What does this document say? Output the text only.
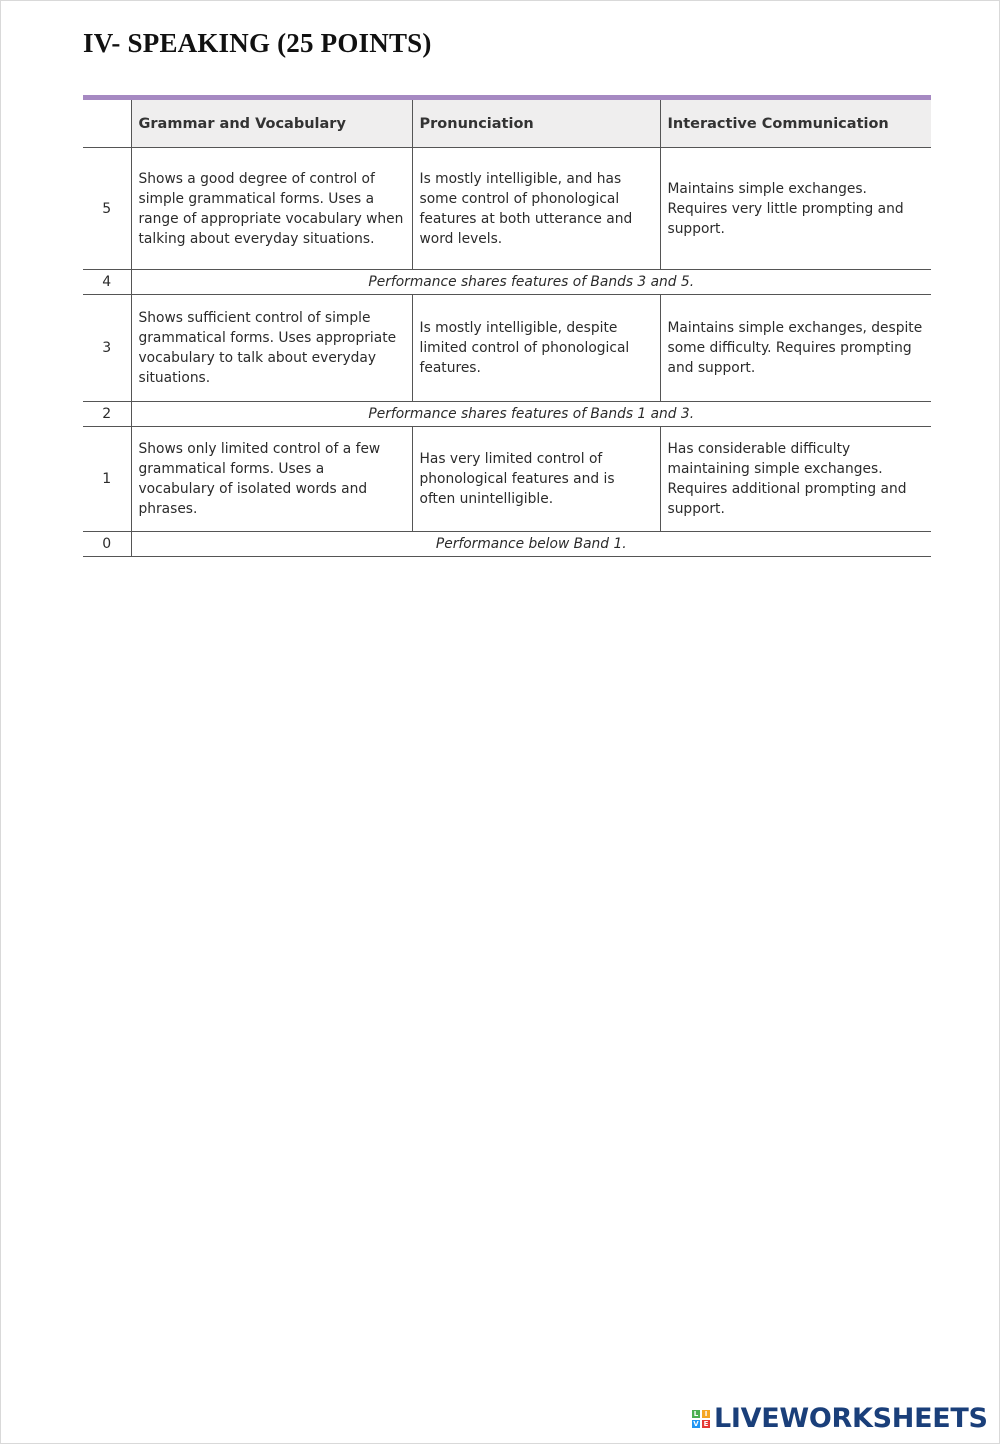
IV- SPEAKING (25 POINTS)
	Grammar and Vocabulary	Pronunciation	Interactive Communication
5	Shows a good degree of control of simple grammatical forms. Uses a range of appropriate vocabulary when talking about everyday situations.	Is mostly intelligible, and has some control of phonological features at both utterance and word levels.	Maintains simple exchanges. Requires very little prompting and support.
4	Performance shares features of Bands 3 and 5.		
3	Shows sufficient control of simple grammatical forms. Uses appropriate vocabulary to talk about everyday situations.	Is mostly intelligible, despite limited control of phonological features.	Maintains simple exchanges, despite some difficulty. Requires prompting and support.
2	Performance shares features of Bands 1 and 3.		
1	Shows only limited control of a few grammatical forms. Uses a vocabulary of isolated words and phrases.	Has very limited control of phonological features and is often unintelligible.	Has considerable difficulty maintaining simple exchanges. Requires additional prompting and support.
0	Performance below Band 1.		
L I
V E LIVEWORKSHEETS
